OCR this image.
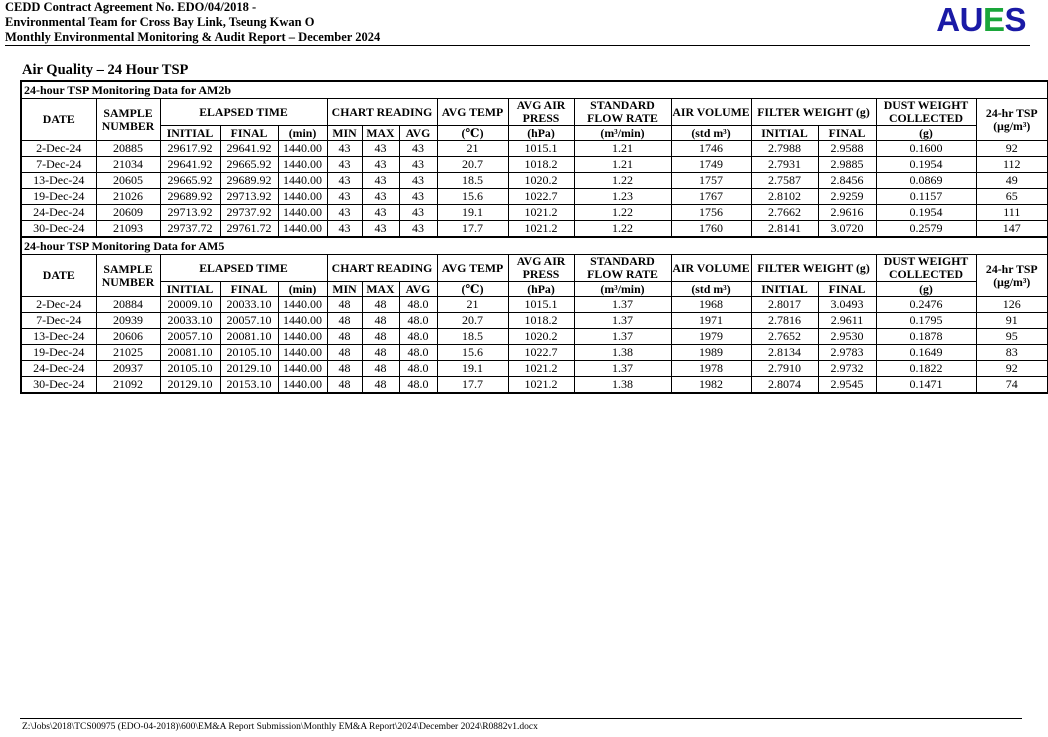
CEDD Contract Agreement No. EDO/04/2018 -
Environmental Team for Cross Bay Link, Tseung Kwan O
Monthly Environmental Monitoring & Audit Report – December 2024	AUES
Air Quality – 24 Hour TSP
24-hour TSP Monitoring Data for AM2b															
DATE	SAMPLE NUMBER	ELAPSED TIME			CHART READING			AVG TEMP	AVG AIR PRESS	STANDARD FLOW RATE	AIR VOLUME	FILTER WEIGHT (g)		DUST WEIGHT COLLECTED	24-hr TSP
(μg/m³)

		INITIAL	FINAL	(min)	MIN	MAX	AVG	(℃)	(hPa)	(m³/min)	(std m³)	INITIAL	FINAL	(g)	
2-Dec-24	20885	29617.92	29641.92	1440.00	43	43	43	21	1015.1	1.21	1746	2.7988	2.9588	0.1600	92
7-Dec-24	21034	29641.92	29665.92	1440.00	43	43	43	20.7	1018.2	1.21	1749	2.7931	2.9885	0.1954	112
13-Dec-24	20605	29665.92	29689.92	1440.00	43	43	43	18.5	1020.2	1.22	1757	2.7587	2.8456	0.0869	49
19-Dec-24	21026	29689.92	29713.92	1440.00	43	43	43	15.6	1022.7	1.23	1767	2.8102	2.9259	0.1157	65
24-Dec-24	20609	29713.92	29737.92	1440.00	43	43	43	19.1	1021.2	1.22	1756	2.7662	2.9616	0.1954	111
30-Dec-24	21093	29737.72	29761.72	1440.00	43	43	43	17.7	1021.2	1.22	1760	2.8141	3.0720	0.2579	147
24-hour TSP Monitoring Data for AM5															
DATE	SAMPLE NUMBER	ELAPSED TIME			CHART READING			AVG TEMP	AVG AIR PRESS	STANDARD FLOW RATE	AIR VOLUME	FILTER WEIGHT (g)		DUST WEIGHT COLLECTED	24-hr TSP
(μg/m³)

		INITIAL	FINAL	(min)	MIN	MAX	AVG	(℃)	(hPa)	(m³/min)	(std m³)	INITIAL	FINAL	(g)	
2-Dec-24	20884	20009.10	20033.10	1440.00	48	48	48.0	21	1015.1	1.37	1968	2.8017	3.0493	0.2476	126
7-Dec-24	20939	20033.10	20057.10	1440.00	48	48	48.0	20.7	1018.2	1.37	1971	2.7816	2.9611	0.1795	91
13-Dec-24	20606	20057.10	20081.10	1440.00	48	48	48.0	18.5	1020.2	1.37	1979	2.7652	2.9530	0.1878	95
19-Dec-24	21025	20081.10	20105.10	1440.00	48	48	48.0	15.6	1022.7	1.38	1989	2.8134	2.9783	0.1649	83
24-Dec-24	20937	20105.10	20129.10	1440.00	48	48	48.0	19.1	1021.2	1.37	1978	2.7910	2.9732	0.1822	92
30-Dec-24	21092	20129.10	20153.10	1440.00	48	48	48.0	17.7	1021.2	1.38	1982	2.8074	2.9545	0.1471	74
Z:\Jobs\2018\TCS00975 (EDO-04-2018)\600\EM&A Report Submission\Monthly EM&A Report\2024\December 2024\R0882v1.docx
